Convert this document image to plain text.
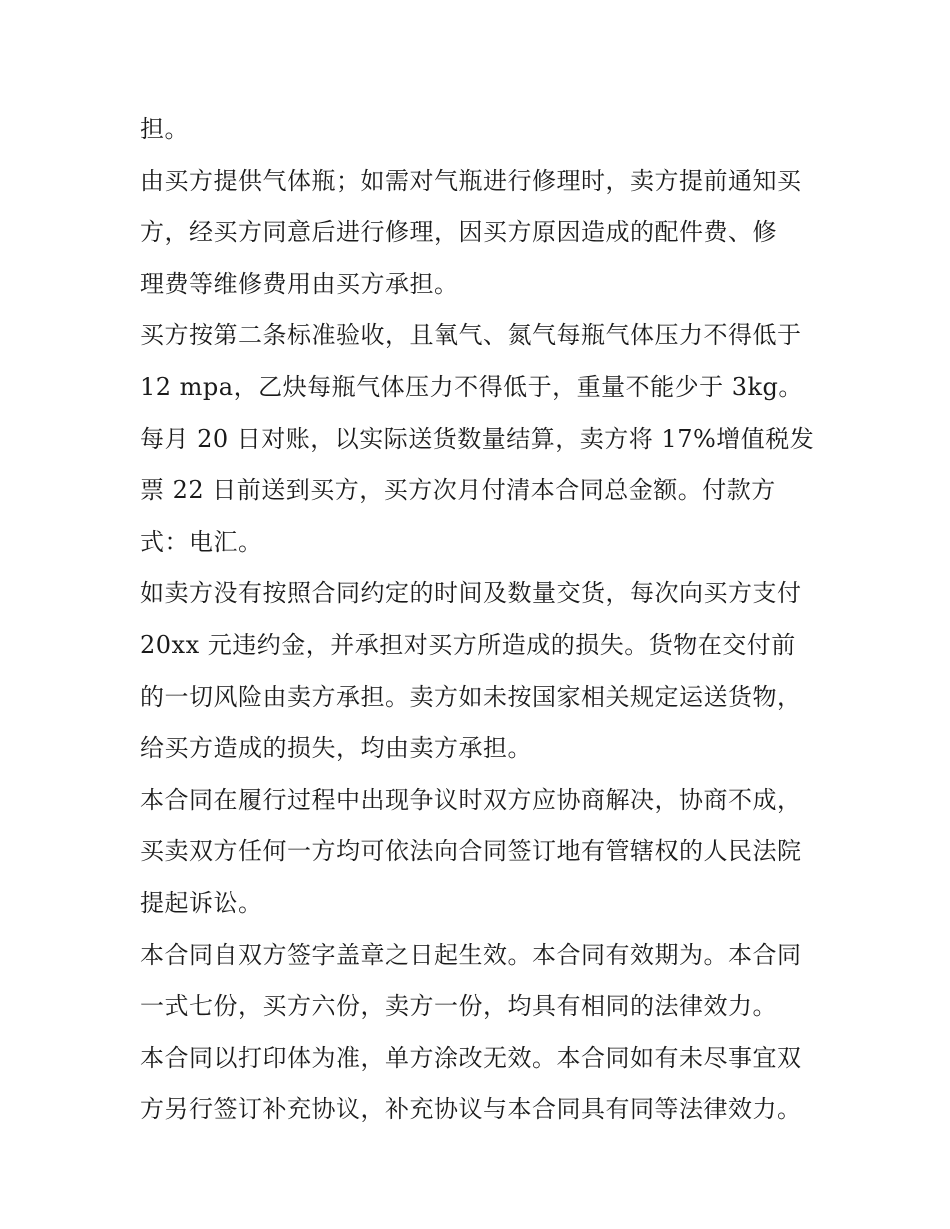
担。
由买方提供气体瓶；如需对气瓶进行修理时，卖方提前通知买
方，经买方同意后进行修理，因买方原因造成的配件费、修
理费等维修费用由买方承担。
买方按第二条标准验收，且氧气、氮气每瓶气体压力不得低于
12 mpa，乙炔每瓶气体压力不得低于，重量不能少于 3kg。
每月 20 日对账，以实际送货数量结算，卖方将 17%增值税发
票 22 日前送到买方，买方次月付清本合同总金额。付款方
式：电汇。
如卖方没有按照合同约定的时间及数量交货，每次向买方支付
20xx 元违约金，并承担对买方所造成的损失。货物在交付前
的一切风险由卖方承担。卖方如未按国家相关规定运送货物，
给买方造成的损失，均由卖方承担。
本合同在履行过程中出现争议时双方应协商解决，协商不成，
买卖双方任何一方均可依法向合同签订地有管辖权的人民法院
提起诉讼。
本合同自双方签字盖章之日起生效。本合同有效期为。本合同
一式七份，买方六份，卖方一份，均具有相同的法律效力。
本合同以打印体为准，单方涂改无效。本合同如有未尽事宜双
方另行签订补充协议，补充协议与本合同具有同等法律效力。
